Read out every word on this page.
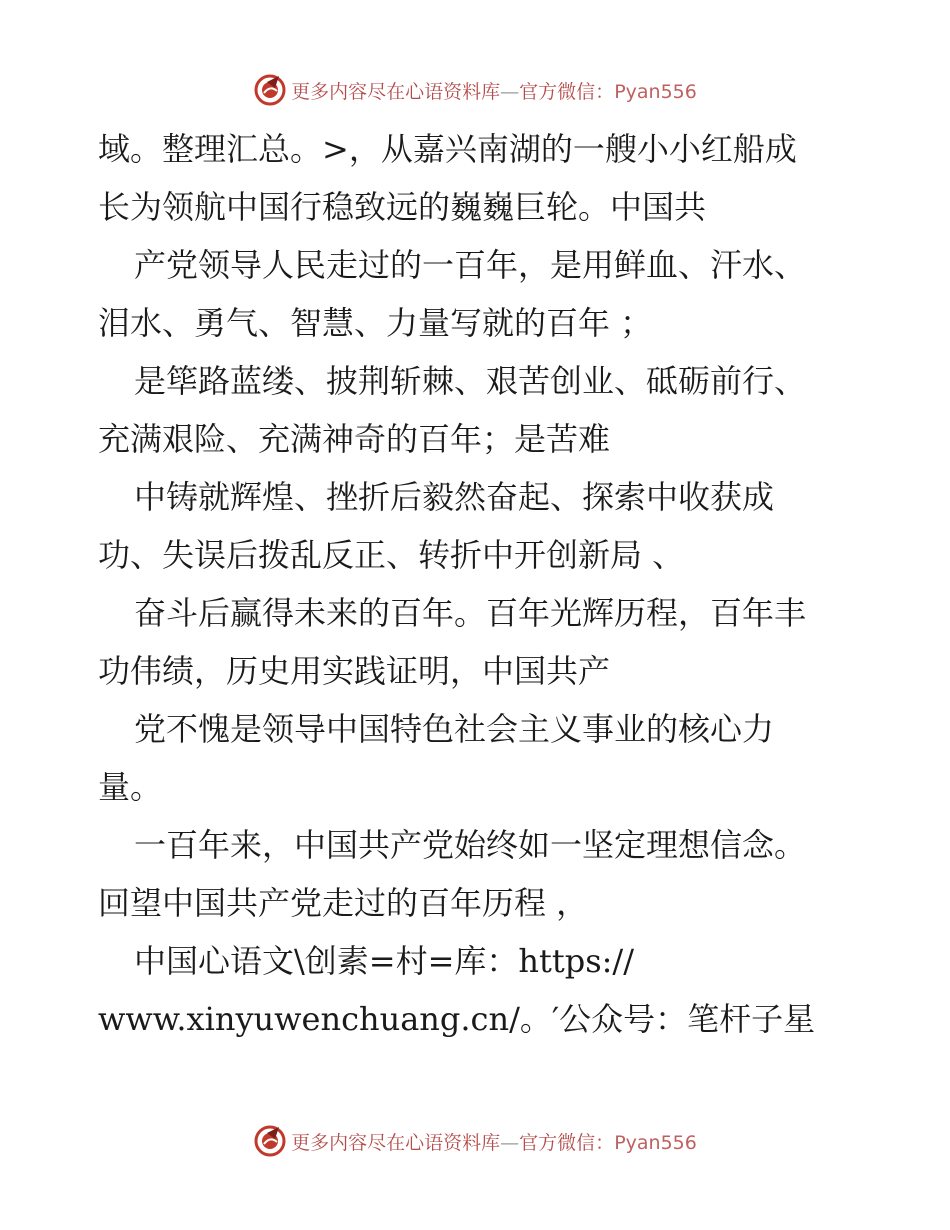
更多内容尽在心语资料库—官方微信：Pyan556
域。整理汇总。>，从嘉兴南湖的一艘小小红船成
长为领航中国行稳致远的巍巍巨轮。中国共
产党领导人民走过的一百年，是用鲜血、汗水、
泪水、勇气、智慧、力量写就的百年 ；
是筚路蓝缕、披荆斩棘、艰苦创业、砥砺前行、
充满艰险、充满神奇的百年；是苦难
中铸就辉煌、挫折后毅然奋起、探索中收获成
功、失误后拨乱反正、转折中开创新局 、
奋斗后赢得未来的百年。百年光辉历程，百年丰
功伟绩，历史用实践证明，中国共产
党不愧是领导中国特色社会主义事业的核心力
量。
一百年来，中国共产党始终如一坚定理想信念。
回望中国共产党走过的百年历程 ，
中国心语文\创素=村=库：https://
www.xinyuwenchuang.cn/。′公众号：笔杆子星
更多内容尽在心语资料库—官方微信：Pyan556
